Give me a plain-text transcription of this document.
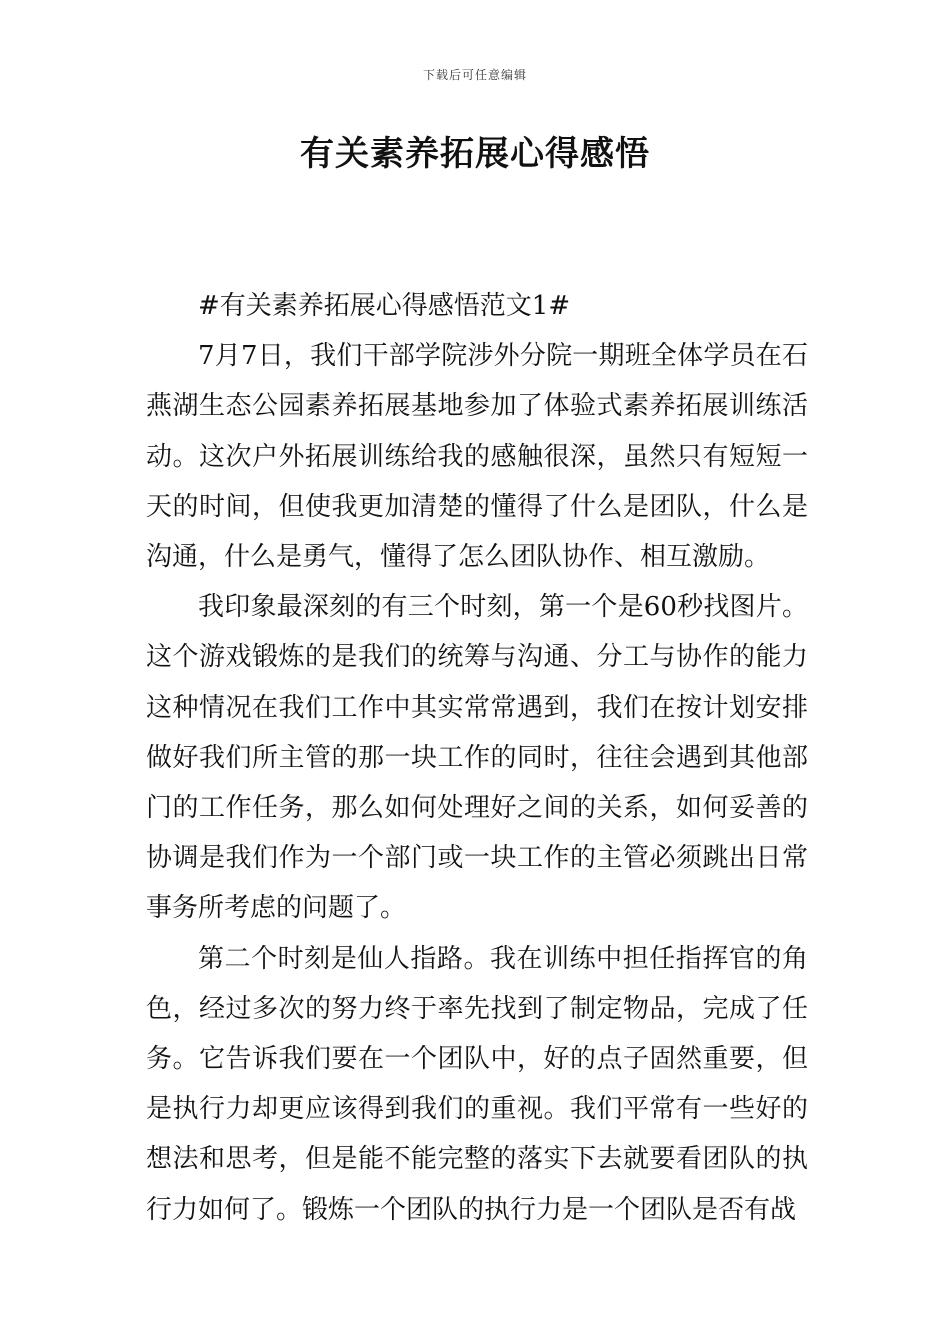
下载后可任意编辑
有关素养拓展心得感悟

#有关素养拓展心得感悟范文1#

7月7日，我们干部学院涉外分院一期班全体学员在石燕湖生态公园素养拓展基地参加了体验式素养拓展训练活动。这次户外拓展训练给我的感触很深，虽然只有短短一天的时间，但使我更加清楚的懂得了什么是团队，什么是沟通，什么是勇气，懂得了怎么团队协作、相互激励。

我印象最深刻的有三个时刻，第一个是60秒找图片。这个游戏锻炼的是我们的统筹与沟通、分工与协作的能力这种情况在我们工作中其实常常遇到，我们在按计划安排做好我们所主管的那一块工作的同时，往往会遇到其他部门的工作任务，那么如何处理好之间的关系，如何妥善的协调是我们作为一个部门或一块工作的主管必须跳出日常事务所考虑的问题了。

第二个时刻是仙人指路。我在训练中担任指挥官的角色，经过多次的努力终于率先找到了制定物品，完成了任务。它告诉我们要在一个团队中，好的点子固然重要，但是执行力却更应该得到我们的重视。我们平常有一些好的想法和思考，但是能不能完整的落实下去就要看团队的执行力如何了。锻炼一个团队的执行力是一个团队是否有战
